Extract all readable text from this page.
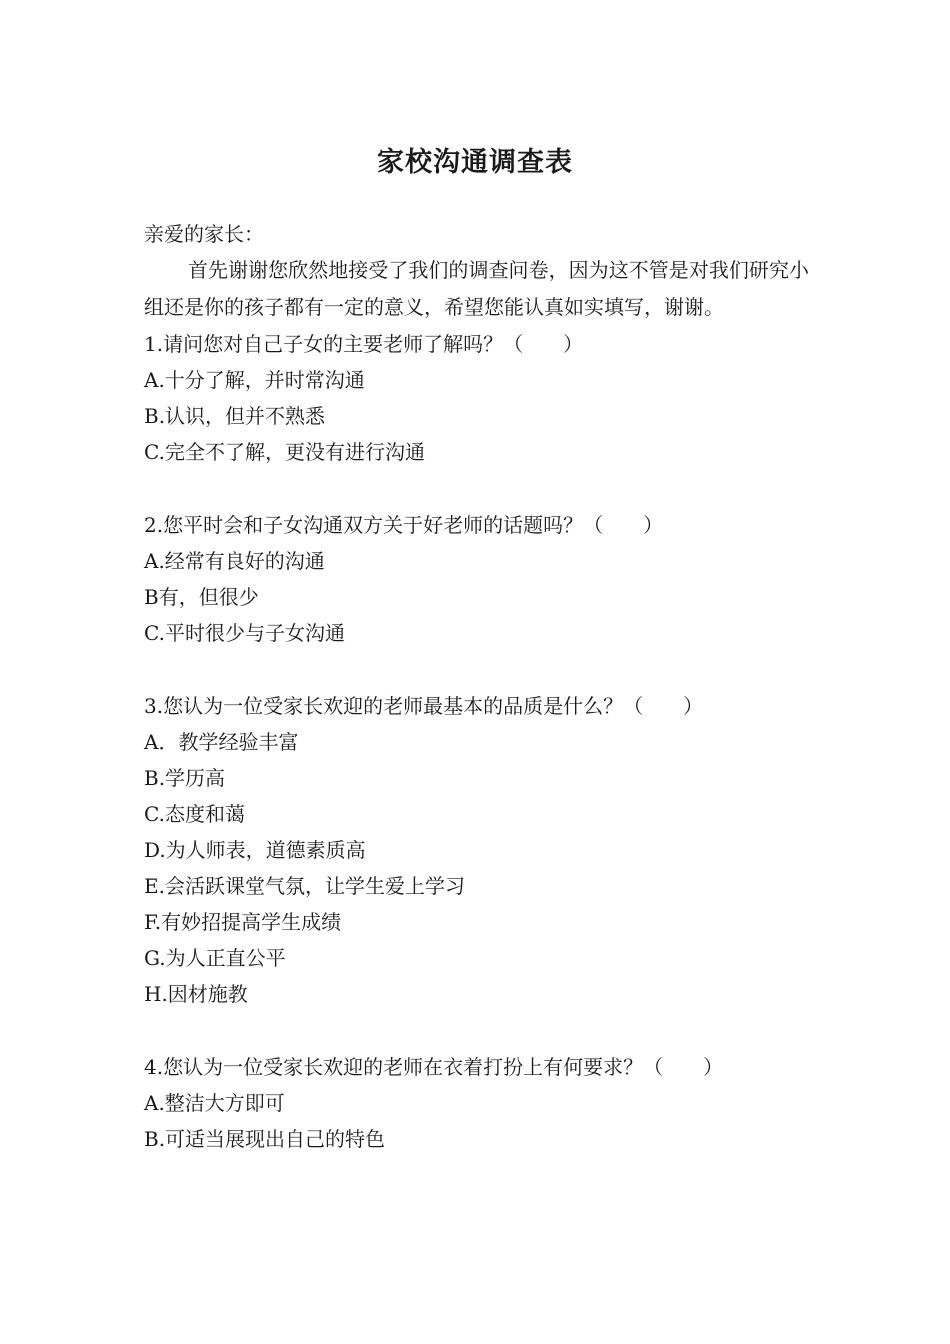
家校沟通调查表
亲爱的家长：
首先谢谢您欣然地接受了我们的调查问卷，因为这不管是对我们研究小组还是你的孩子都有一定的意义，希望您能认真如实填写，谢谢。
1.请问您对自己子女的主要老师了解吗？（　　）
A.十分了解，并时常沟通
B.认识，但并不熟悉
C.完全不了解，更没有进行沟通
2.您平时会和子女沟通双方关于好老师的话题吗？（　　）
A.经常有良好的沟通
B有，但很少
C.平时很少与子女沟通
3.您认为一位受家长欢迎的老师最基本的品质是什么？（　　）
A．教学经验丰富
B.学历高
C.态度和蔼
D.为人师表，道德素质高
E.会活跃课堂气氛，让学生爱上学习
F.有妙招提高学生成绩
G.为人正直公平
H.因材施教
4.您认为一位受家长欢迎的老师在衣着打扮上有何要求？（　　）
A.整洁大方即可
B.可适当展现出自己的特色
